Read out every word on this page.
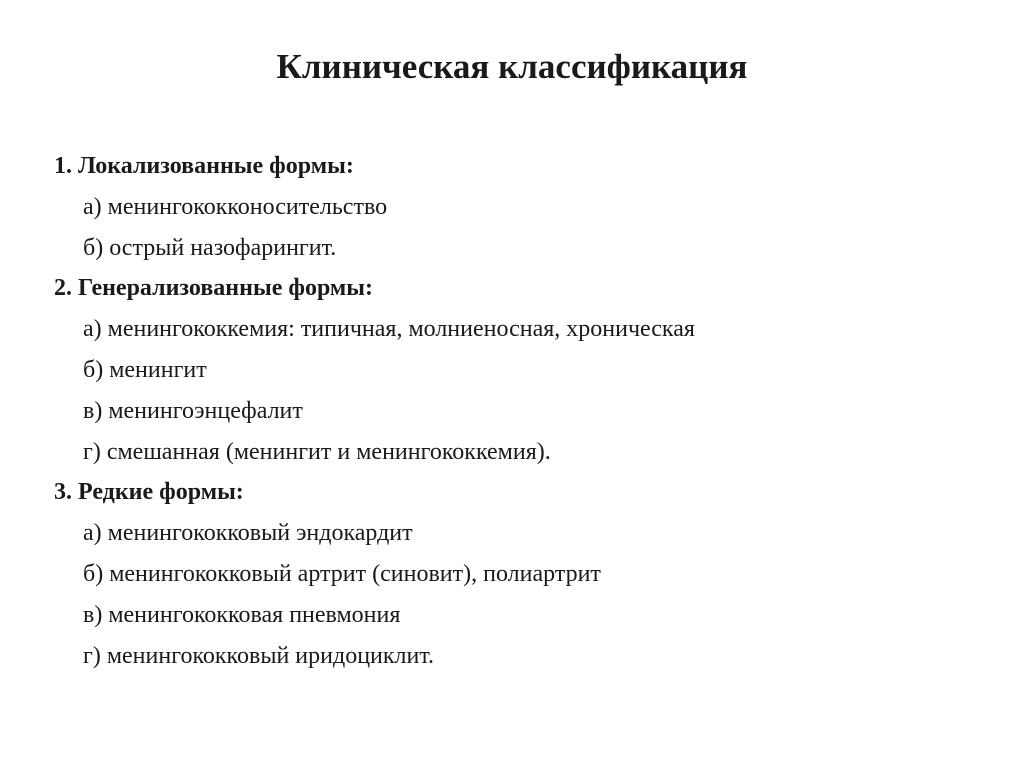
Клиническая классификация
1. Локализованные формы:
а) менингококконосительство
б) острый назофарингит.
2. Генерализованные формы:
а) менингококкемия: типичная, молниеносная, хроническая
б) менингит
в) менингоэнцефалит
г) смешанная (менингит и менингококкемия).
3. Редкие формы:
а) менингококковый эндокардит
б) менингококковый артрит (синовит), полиартрит
в) менингококковая пневмония
г) менингококковый иридоциклит.
